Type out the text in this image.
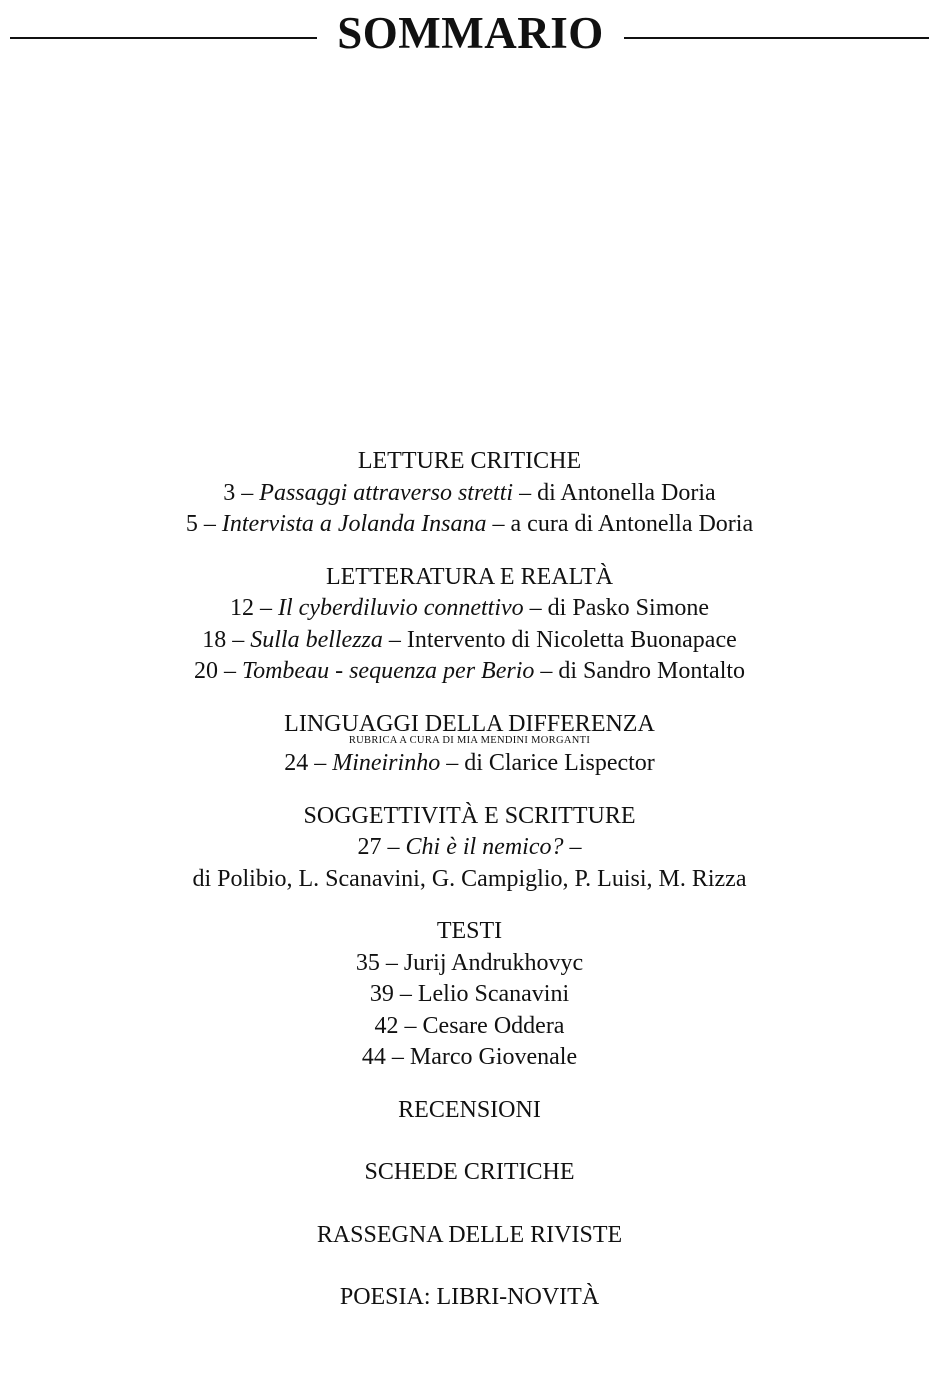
SOMMARIO
LETTURE CRITICHE
3 – Passaggi attraverso stretti – di Antonella Doria
5 – Intervista a Jolanda Insana – a cura di Antonella Doria
LETTERATURA E REALTÀ
12 – Il cyberdiluvio connettivo – di Pasko Simone
18 – Sulla bellezza – Intervento di Nicoletta Buonapace
20 – Tombeau - sequenza per Berio – di Sandro Montalto
LINGUAGGI DELLA DIFFERENZA
RUBRICA A CURA DI MIA MENDINI MORGANTI
24 – Mineirinho – di Clarice Lispector
SOGGETTIVITÀ E SCRITTURE
27 – Chi è il nemico? –
di Polibio, L. Scanavini, G. Campiglio, P. Luisi, M. Rizza
TESTI
35 – Jurij Andrukhovyc
39 – Lelio Scanavini
42 – Cesare Oddera
44 – Marco Giovenale
RECENSIONI
SCHEDE CRITICHE
RASSEGNA DELLE RIVISTE
POESIA: LIBRI-NOVITÀ
